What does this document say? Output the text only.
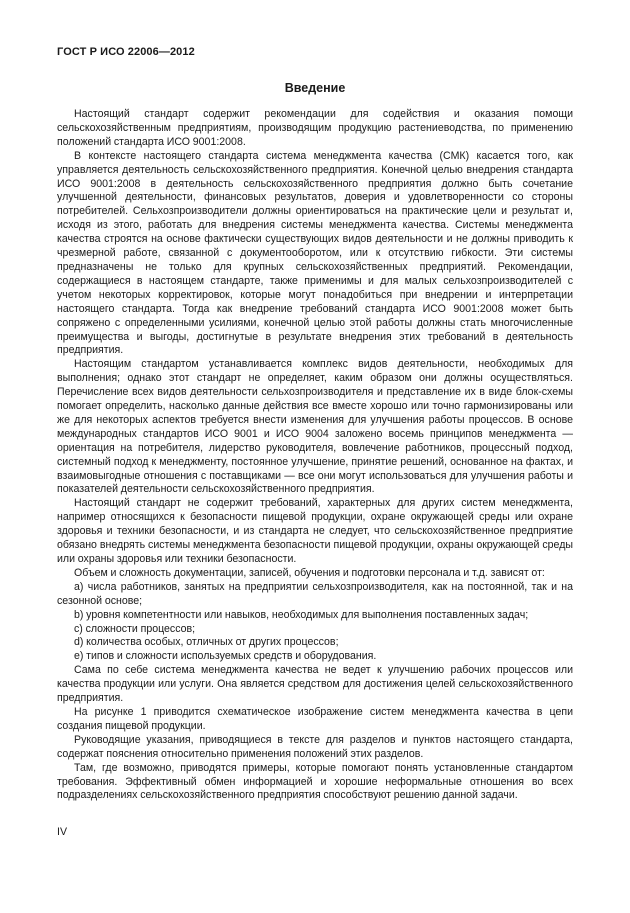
ГОСТ Р ИСО 22006—2012
Введение

Настоящий стандарт содержит рекомендации для содействия и оказания помощи сельскохозяйственным предприятиям, производящим продукцию растениеводства, по применению положений стандарта ИСО 9001:2008.

В контексте настоящего стандарта система менеджмента качества (СМК) касается того, как управляется деятельность сельскохозяйственного предприятия. Конечной целью внедрения стандарта ИСО 9001:2008 в деятельность сельскохозяйственного предприятия должно быть сочетание улучшенной деятельности, финансовых результатов, доверия и удовлетворенности со стороны потребителей. Сельхозпроизводители должны ориентироваться на практические цели и результат и, исходя из этого, работать для внедрения системы менеджмента качества. Системы менеджмента качества строятся на основе фактически существующих видов деятельности и не должны приводить к чрезмерной работе, связанной с документооборотом, или к отсутствию гибкости. Эти системы предназначены не только для крупных сельскохозяйственных предприятий. Рекомендации, содержащиеся в настоящем стандарте, также применимы и для малых сельхозпроизводителей с учетом некоторых корректировок, которые могут понадобиться при внедрении и интерпретации настоящего стандарта. Тогда как внедрение требований стандарта ИСО 9001:2008 может быть сопряжено с определенными усилиями, конечной целью этой работы должны стать многочисленные преимущества и выгоды, достигнутые в результате внедрения этих требований в деятельность предприятия.

Настоящим стандартом устанавливается комплекс видов деятельности, необходимых для выполнения; однако этот стандарт не определяет, каким образом они должны осуществляться. Перечисление всех видов деятельности сельхозпроизводителя и представление их в виде блок-схемы помогает определить, насколько данные действия все вместе хорошо или точно гармонизированы или же для некоторых аспектов требуется внести изменения для улучшения работы процессов. В основе международных стандартов ИСО 9001 и ИСО 9004 заложено восемь принципов менеджмента — ориентация на потребителя, лидерство руководителя, вовлечение работников, процессный подход, системный подход к менеджменту, постоянное улучшение, принятие решений, основанное на фактах, и взаимовыгодные отношения с поставщиками — все они могут использоваться для улучшения работы и показателей деятельности сельскохозяйственного предприятия.

Настоящий стандарт не содержит требований, характерных для других систем менеджмента, например относящихся к безопасности пищевой продукции, охране окружающей среды или охране здоровья и техники безопасности, и из стандарта не следует, что сельскохозяйственное предприятие обязано внедрять системы менеджмента безопасности пищевой продукции, охраны окружающей среды или охраны здоровья или техники безопасности.

Объем и сложность документации, записей, обучения и подготовки персонала и т.д. зависят от:

a) числа работников, занятых на предприятии сельхозпроизводителя, как на постоянной, так и на сезонной основе;

b) уровня компетентности или навыков, необходимых для выполнения поставленных задач;

c) сложности процессов;

d) количества особых, отличных от других процессов;

e) типов и сложности используемых средств и оборудования.

Сама по себе система менеджмента качества не ведет к улучшению рабочих процессов или качества продукции или услуги. Она является средством для достижения целей сельскохозяйственного предприятия.

На рисунке 1 приводится схематическое изображение систем менеджмента качества в цепи создания пищевой продукции.

Руководящие указания, приводящиеся в тексте для разделов и пунктов настоящего стандарта, содержат пояснения относительно применения положений этих разделов.

Там, где возможно, приводятся примеры, которые помогают понять установленные стандартом требования. Эффективный обмен информацией и хорошие неформальные отношения во всех подразделениях сельскохозяйственного предприятия способствуют решению данной задачи.

IV
